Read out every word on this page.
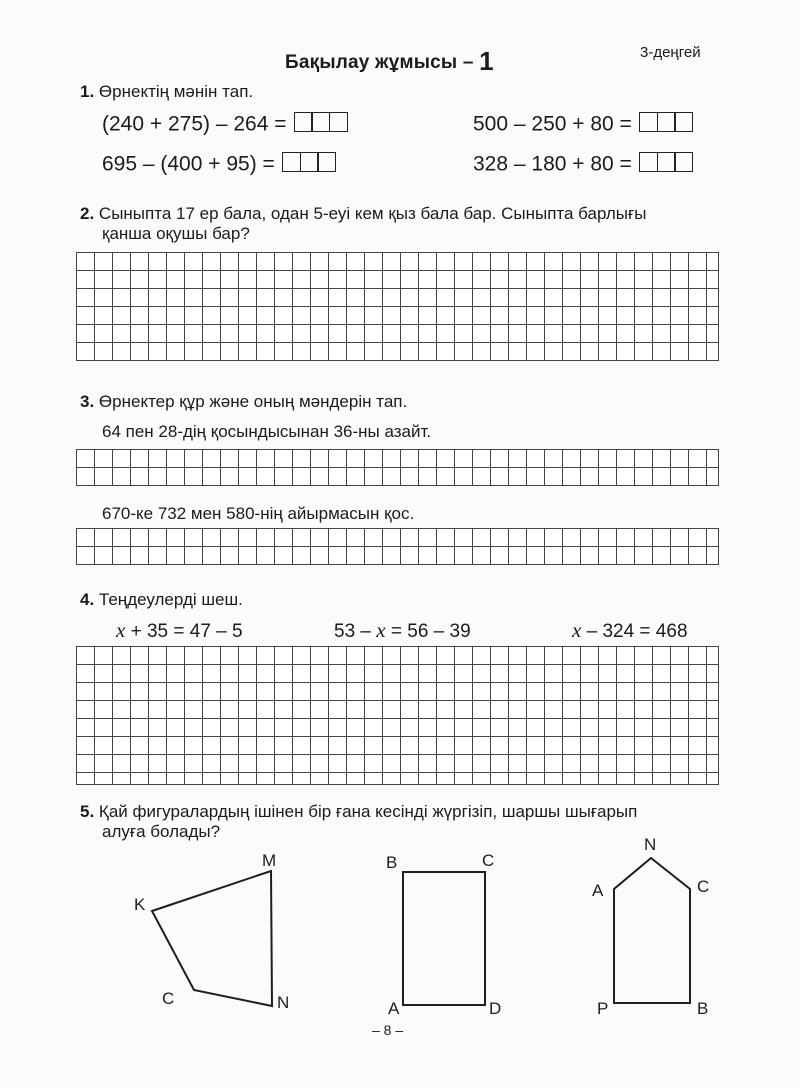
Бақылау жұмысы – 1	3-деңгей
1. Өрнектің мәнін тап.
(240 + 275) – 264 =	500 – 250 + 80 =
695 – (400 + 95) =	328 – 180 + 80 =
2. Сыныпта 17 ер бала, одан 5-еуі кем қыз бала бар. Сыныпта барлығы
қанша оқушы бар?
3. Өрнектер құр және оның мәндерін тап.
64 пен 28-дің қосындысынан 36-ны азайт.
670-ке 732 мен 580-нің айырмасын қос.
4. Теңдеулерді шеш.
x + 35 = 47 – 5	53 – x = 56 – 39	x – 324 = 468
5. Қай фигуралардың ішінен бір ғана кесінді жүргізіп, шаршы шығарып
алуға болады?
K
M
C	N
B	C
A	D
N
A	C
P	B
– 8 –
